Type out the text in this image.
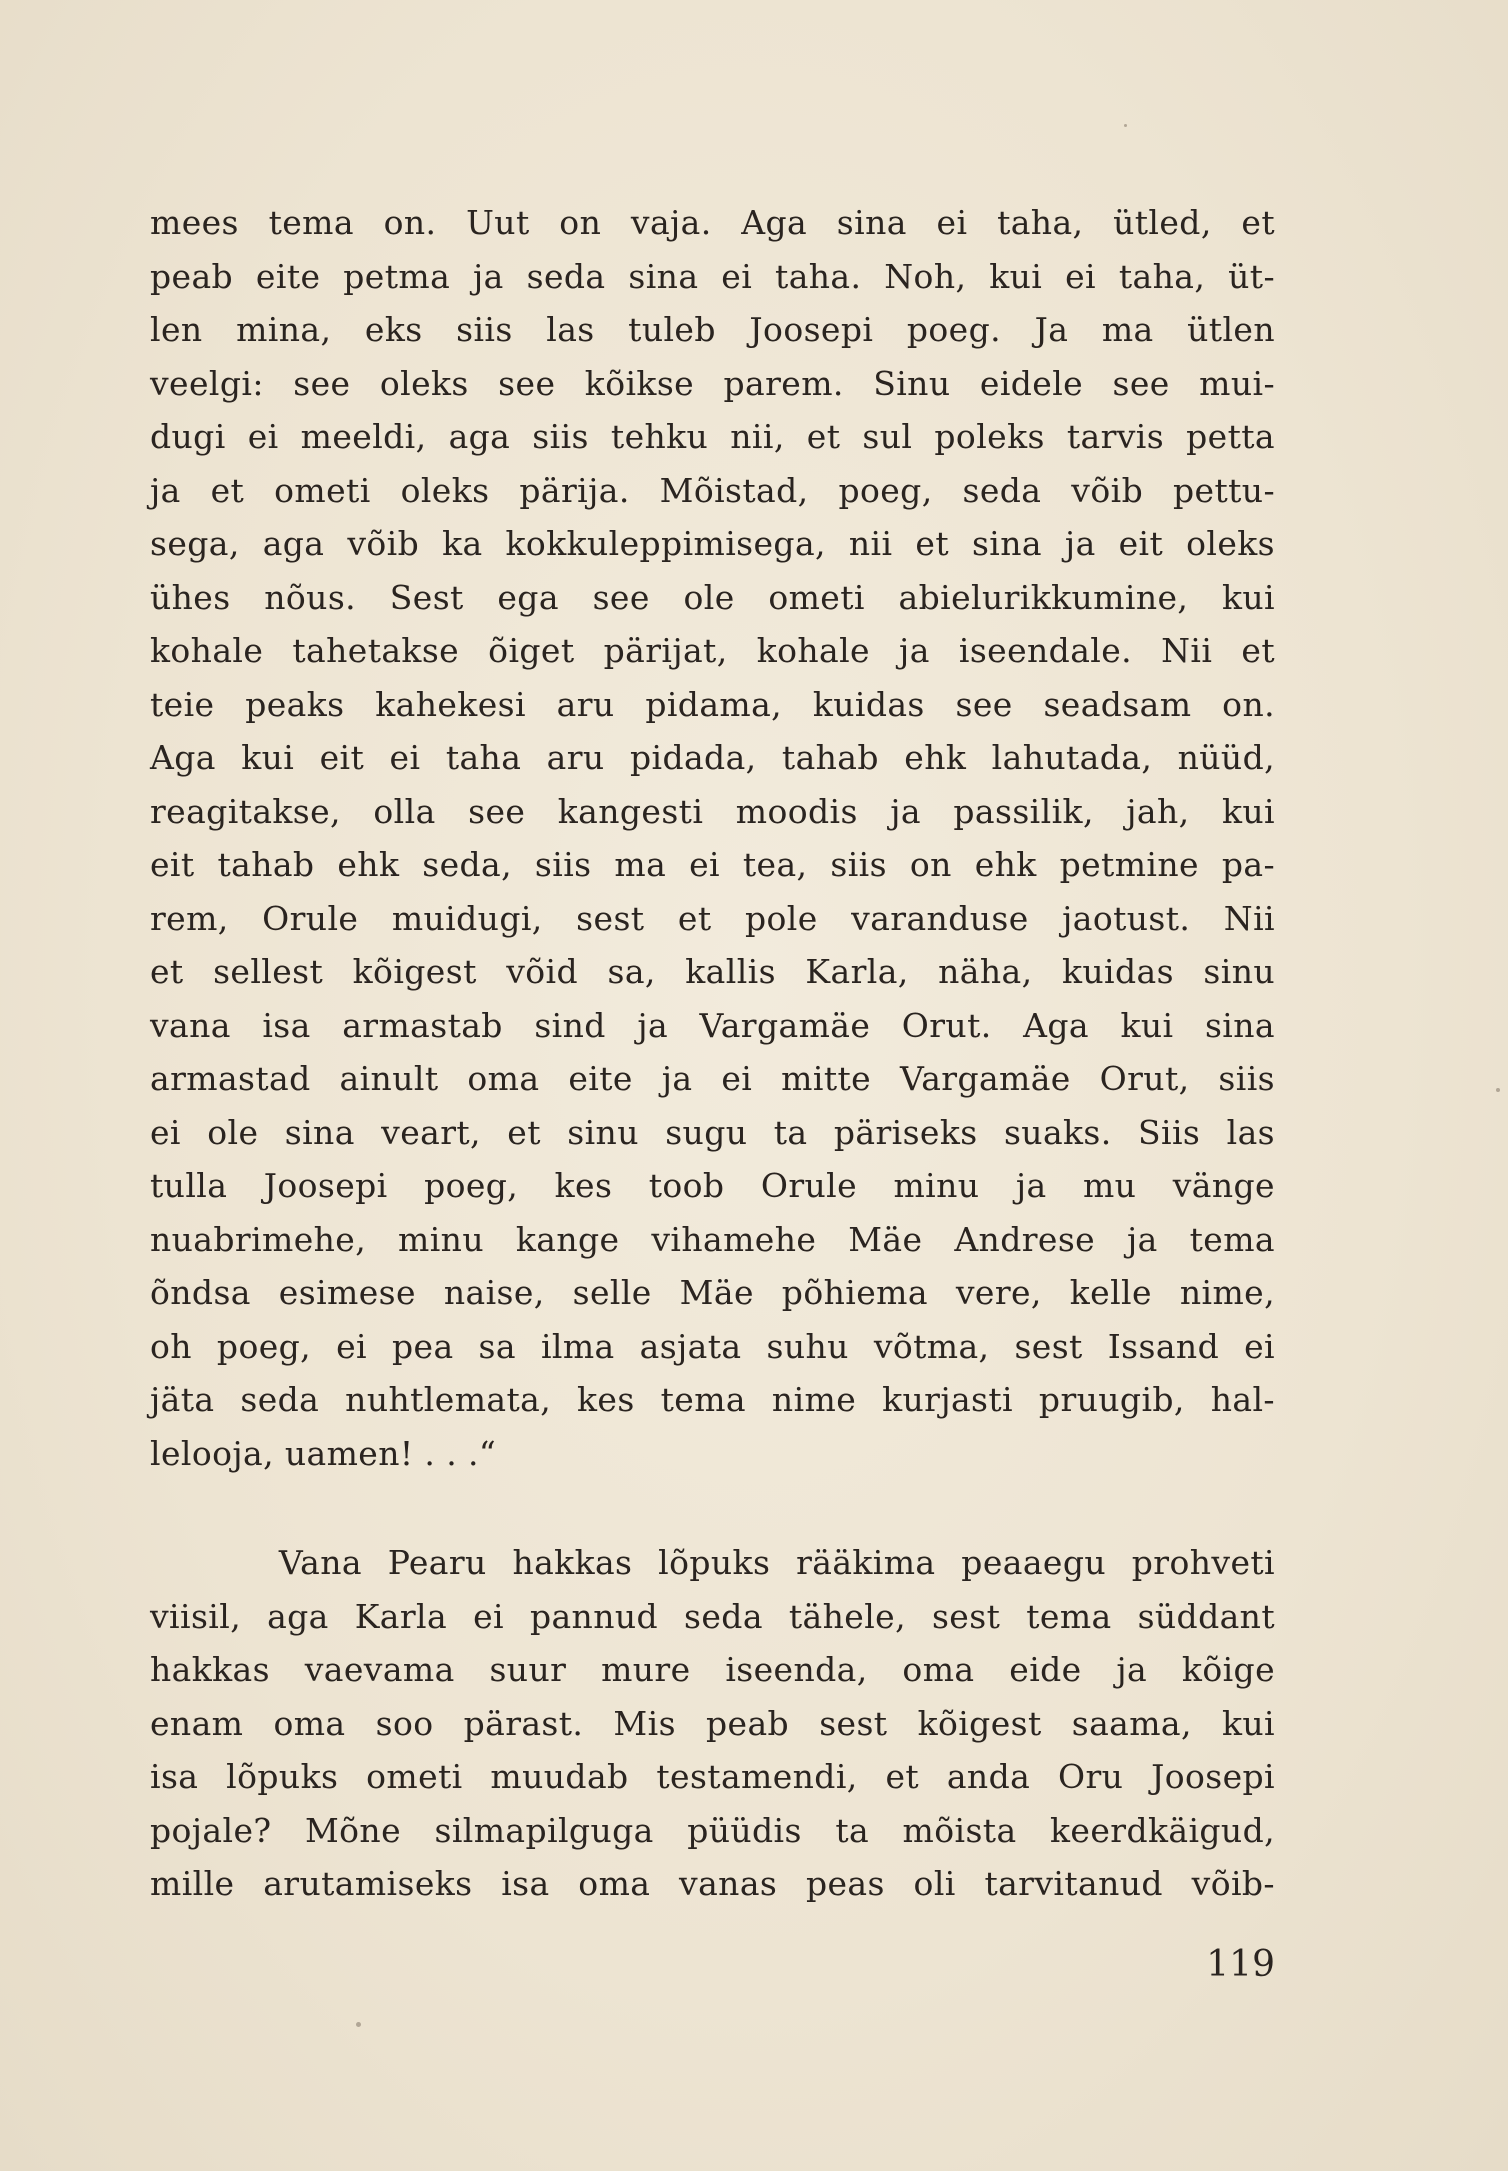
mees tema on. Uut on vaja. Aga sina ei taha, ütled, et
peab eite petma ja seda sina ei taha. Noh, kui ei taha, üt-
len mina, eks siis las tuleb Joosepi poeg. Ja ma ütlen
veelgi: see oleks see kõikse parem. Sinu eidele see mui-
dugi ei meeldi, aga siis tehku nii, et sul poleks tarvis petta
ja et ometi oleks pärija. Mõistad, poeg, seda võib pettu-
sega, aga võib ka kokkuleppimisega, nii et sina ja eit oleks
ühes nõus. Sest ega see ole ometi abielurikkumine, kui
kohale tahetakse õiget pärijat, kohale ja iseendale. Nii et
teie peaks kahekesi aru pidama, kuidas see seadsam on.
Aga kui eit ei taha aru pidada, tahab ehk lahutada, nüüd,
reagitakse, olla see kangesti moodis ja passilik, jah, kui
eit tahab ehk seda, siis ma ei tea, siis on ehk petmine pa-
rem, Orule muidugi, sest et pole varanduse jaotust. Nii
et sellest kõigest võid sa, kallis Karla, näha, kuidas sinu
vana isa armastab sind ja Vargamäe Orut. Aga kui sina
armastad ainult oma eite ja ei mitte Vargamäe Orut, siis
ei ole sina veart, et sinu sugu ta päriseks suaks. Siis las
tulla Joosepi poeg, kes toob Orule minu ja mu vänge
nuabrimehe, minu kange vihamehe Mäe Andrese ja tema
õndsa esimese naise, selle Mäe põhiema vere, kelle nime,
oh poeg, ei pea sa ilma asjata suhu võtma, sest Issand ei
jäta seda nuhtlemata, kes tema nime kurjasti pruugib, hal-
lelooja, uamen! . . .“
Vana Pearu hakkas lõpuks rääkima peaaegu prohveti
viisil, aga Karla ei pannud seda tähele, sest tema süddant
hakkas vaevama suur mure iseenda, oma eide ja kõige
enam oma soo pärast. Mis peab sest kõigest saama, kui
isa lõpuks ometi muudab testamendi, et anda Oru Joosepi
pojale? Mõne silmapilguga püüdis ta mõista keerdkäigud,
mille arutamiseks isa oma vanas peas oli tarvitanud võib-
119
